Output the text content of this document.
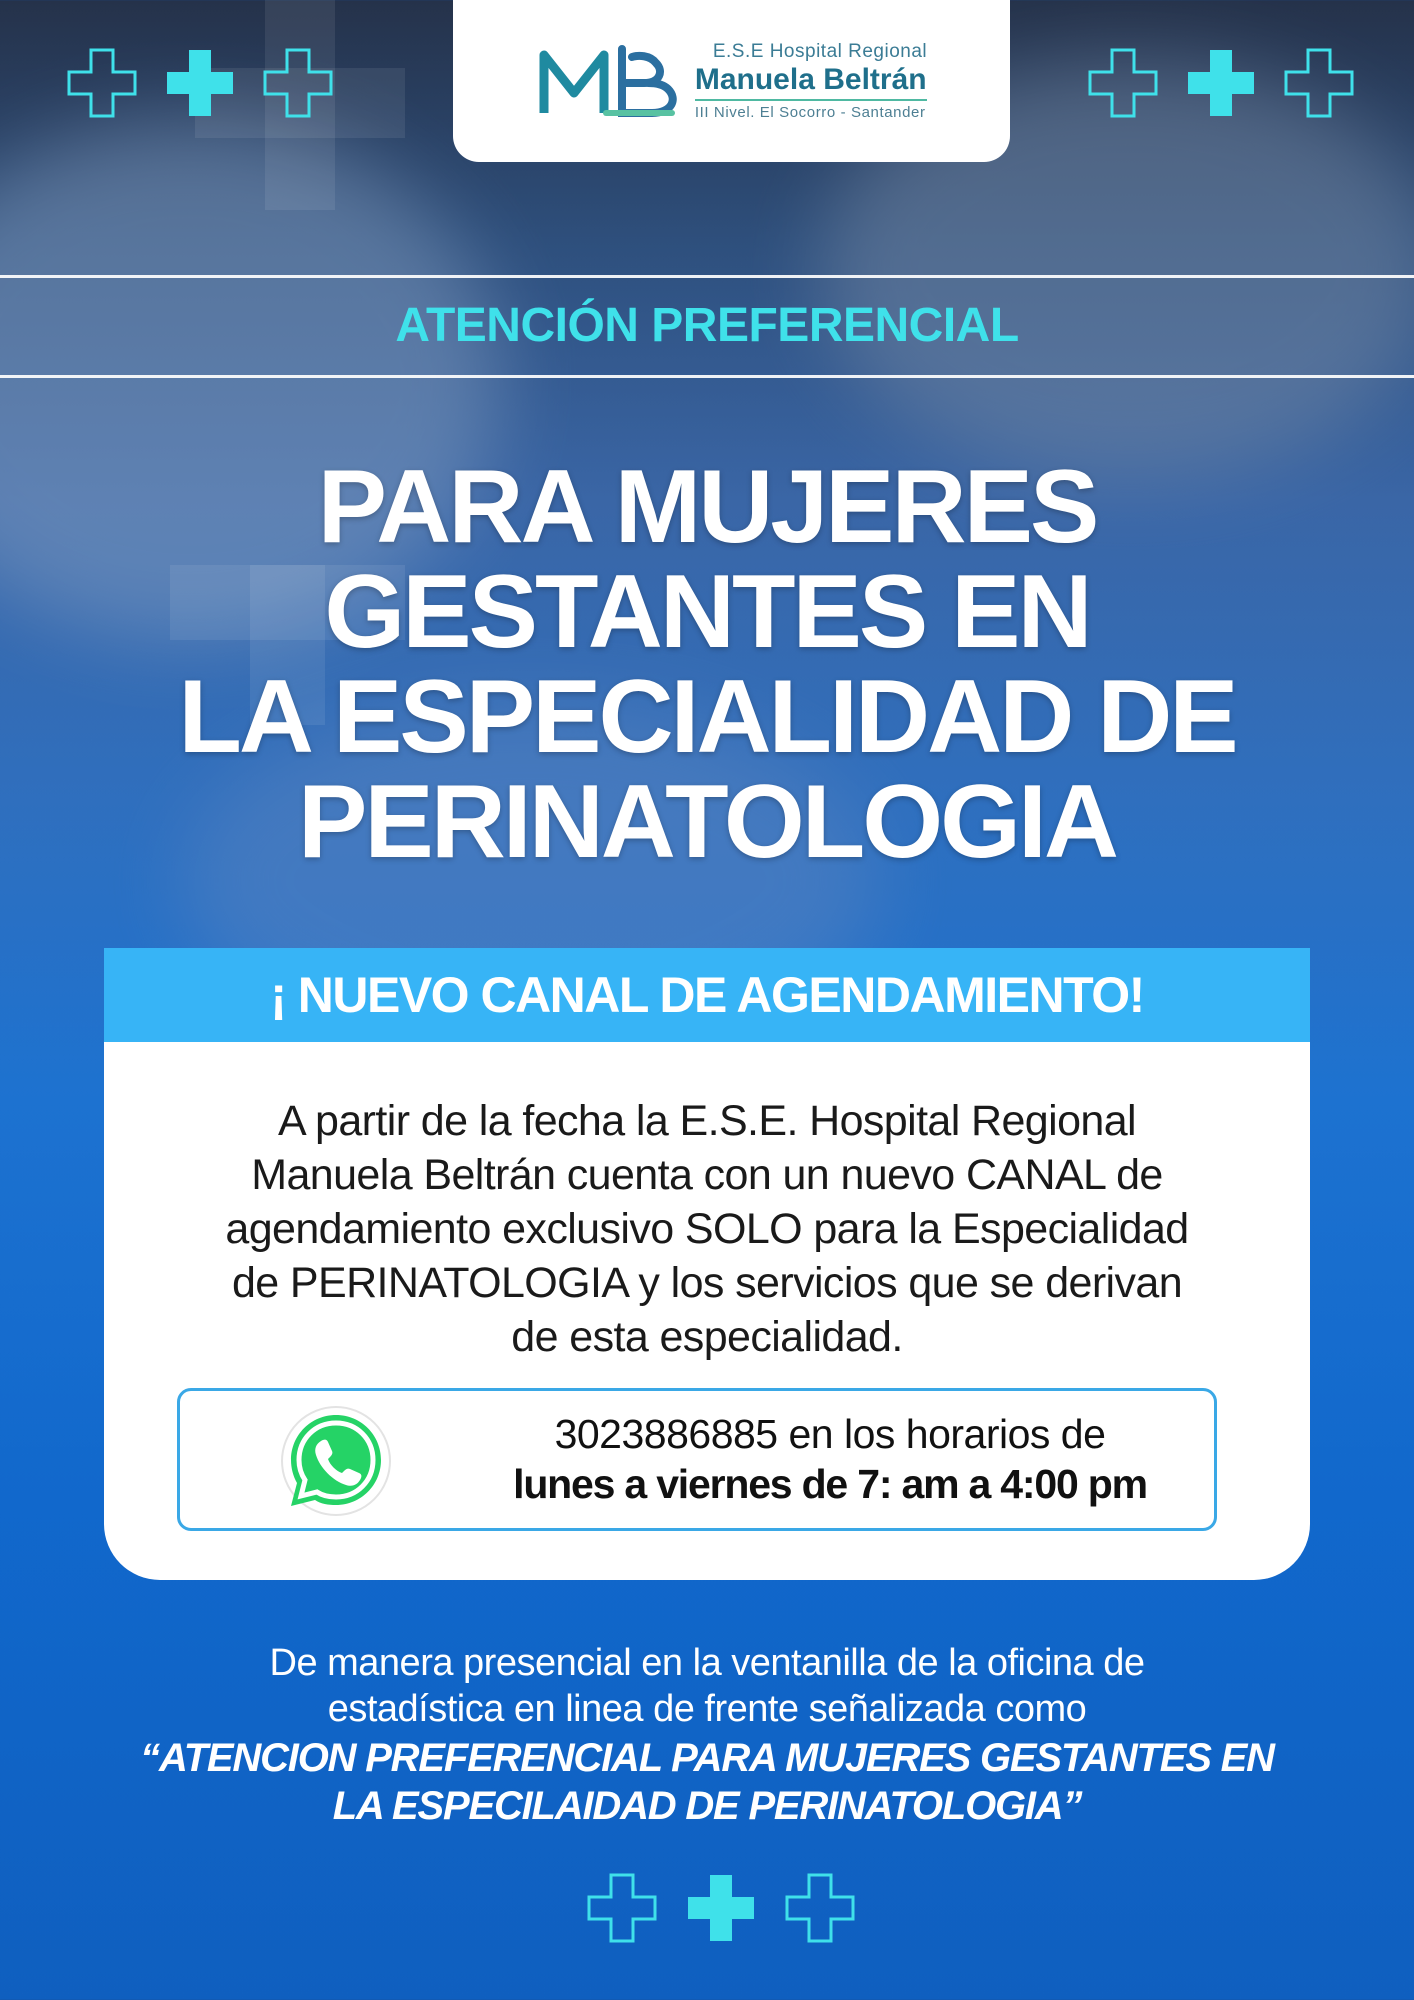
E.S.E Hospital Regional
Manuela Beltrán
III Nivel. El Socorro - Santander
ATENCIÓN PREFERENCIAL
PARA MUJERES GESTANTES EN
LA ESPECIALIDAD DE
PERINATOLOGIA
¡ NUEVO CANAL DE AGENDAMIENTO!
A partir de la fecha la E.S.E. Hospital Regional
Manuela Beltrán cuenta con un nuevo CANAL de
agendamiento exclusivo SOLO para la Especialidad
de PERINATOLOGIA y los servicios que se derivan
de esta especialidad.
3023886885 en los horarios de
lunes a viernes de 7: am a 4:00 pm
De manera presencial en la ventanilla de la oficina de
estadística en linea de frente señalizada como
“ATENCION PREFERENCIAL PARA MUJERES GESTANTES EN
LA ESPECILAIDAD DE PERINATOLOGIA”
